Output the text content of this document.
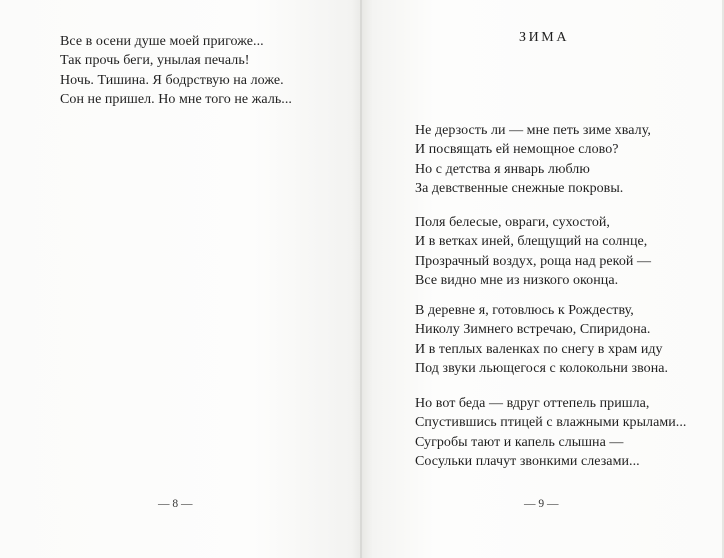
Все в осени душе моей пригоже...
Так прочь беги, унылая печаль!
Ночь. Тишина. Я бодрствую на ложе.
Сон не пришел. Но мне того не жаль...
— 8 —
ЗИМА
Не дерзость ли — мне петь зиме хвалу,
И посвящать ей немощное слово?
Но с детства я январь люблю
За девственные снежные покровы.
Поля белесые, овраги, сухостой,
И в ветках иней, блещущий на солнце,
Прозрачный воздух, роща над рекой —
Все видно мне из низкого оконца.
В деревне я, готовлюсь к Рождеству,
Николу Зимнего встречаю, Спиридона.
И в теплых валенках по снегу в храм иду
Под звуки льющегося с колокольни звона.
Но вот беда — вдруг оттепель пришла,
Спустившись птицей с влажными крылами...
Сугробы тают и капель слышна —
Сосульки плачут звонкими слезами...
— 9 —
